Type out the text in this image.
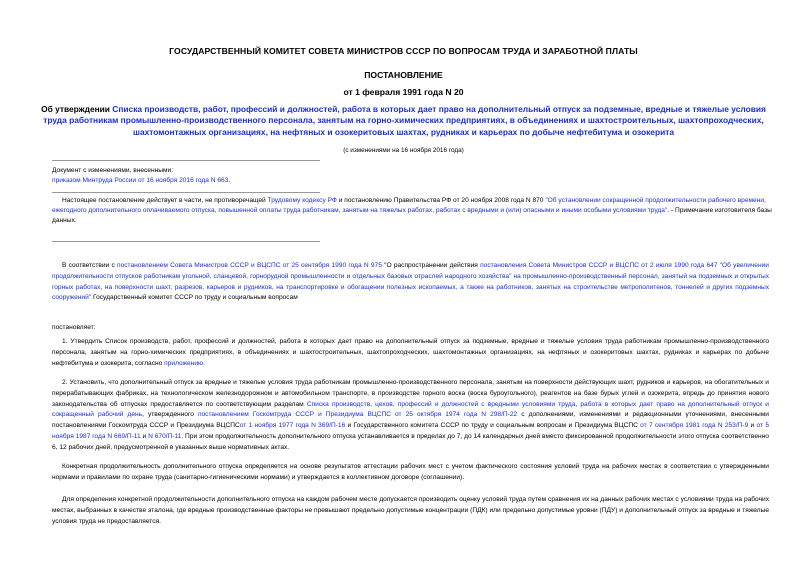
ГОСУДАРСТВЕННЫЙ КОМИТЕТ СОВЕТА МИНИСТРОВ СССР ПО ВОПРОСАМ ТРУДА И ЗАРАБОТНОЙ ПЛАТЫ
ПОСТАНОВЛЕНИЕ
от 1 февраля 1991 года N 20
Об утверждении Списка производств, работ, профессий и должностей, работа в которых дает право на дополнительный отпуск за подземные, вредные и тяжелые условия труда работникам промышленно-производственного персонала, занятым на горно-химических предприятиях, в объединениях и шахтостроительных, шахтопроходческих, шахтомонтажных организациях, на нефтяных и озокеритовых шахтах, рудниках и карьерах по добыче нефтебитума и озокерита
(с изменениями на 16 ноября 2016 года)
Документ с изменениями, внесенными:
приказом Минтруда России от 16 ноября 2016 года N 663.
Настоящее постановление действует в части, не противоречащей Трудовому кодексу РФ и постановлению Правительства РФ от 20 ноября 2008 года N 870 "Об установлении сокращенной продолжительности рабочего времени, ежегодного дополнительного оплачиваемого отпуска, повышенной оплаты труда работникам, занятым на тяжелых работах, работах с вредными и (или) опасными и иными особыми условиями труда". - Примечание изготовителя базы данных.
В соответствии с постановлением Совета Министров СССР и ВЦСПС от 25 сентября 1990 года N 975 "О распространении действия постановления Совета Министров СССР и ВЦСПС от 2 июля 1990 года 647 "Об увеличении продолжительности отпусков работникам угольной, сланцевой, горнорудной промышленности и отдельных базовых отраслей народного хозяйства" на промышленно-производственный персонал, занятый на подземных и открытых горных работах, на поверхности шахт, разрезов, карьеров и рудников, на транспортировке и обогащении полезных ископаемых, а также на работников, занятых на строительстве метрополитенов, тоннелей и других подземных сооружений" Государственный комитет СССР по труду и социальным вопросам
постановляет:
1. Утвердить Список производств, работ, профессий и должностей, работа в которых дает право на дополнительный отпуск за подземные, вредные и тяжелые условия труда работникам промышленно-производственного персонала, занятым на горно-химических предприятиях, в объединениях и шахтостроительных, шахтопроходческих, шахтомонтажных организациях, на нефтяных и озокеритовых шахтах, рудниках и карьерах по добыче нефтебитума и озокерита, согласно приложению.
2. Установить, что дополнительный отпуск за вредные и тяжелые условия труда работникам промышленно-производственного персонала, занятым на поверхности действующих шахт, рудников и карьеров, на обогатительных и перерабатывающих фабриках, на технологическом железнодорожном и автомобильном транспорте, в производстве горного воска (воска буроугольного), реагентов на базе бурых углей и озокерита, впредь до принятия нового законодательства об отпусках предоставляется по соответствующим разделам Списка производств, цехов, профессий и должностей с вредными условиями труда, работа в которых дает право на дополнительный отпуск и сокращенный рабочий день, утвержденного постановлением Госкомтруда СССР и Президиума ВЦСПС от 25 октября 1974 года N 298/П-22 с дополнениями, изменениями и редакционными уточнениями, внесенными постановлениями Госкомтруда СССР и Президиума ВЦСПСот 1 ноября 1977 года N 369/П-16 и Государственного комитета СССР по труду и социальным вопросам и Президиума ВЦСПС от 7 сентября 1981 года N 253/П-9 и от 5 ноября 1987 года N 669/П-11 и N 670/П-11. При этом продолжительность дополнительного отпуска устанавливается в пределах до 7, до 14 календарных дней вместо фиксированной продолжительности этого отпуска соответственно 6, 12 рабочих дней, предусмотренной в указанных выше нормативных актах.
Конкретная продолжительность дополнительного отпуска определяется на основе результатов аттестации рабочих мест с учетом фактического состояния условий труда на рабочих местах в соответствии с утвержденными нормами и правилами по охране труда (санитарно-гигиеническими нормами) и утверждается в коллективном договоре (соглашении).
Для определения конкретной продолжительности дополнительного отпуска на каждом рабочем месте допускается производить оценку условий труда путем сравнения их на данных рабочих местах с условиями труда на рабочих местах, выбранных в качестве эталона, где вредные производственные факторы не превышают предельно допустимые концентрации (ПДК) или предельно допустимые уровни (ПДУ) и дополнительный отпуск за вредные и тяжелые условия труда не предоставляется.
